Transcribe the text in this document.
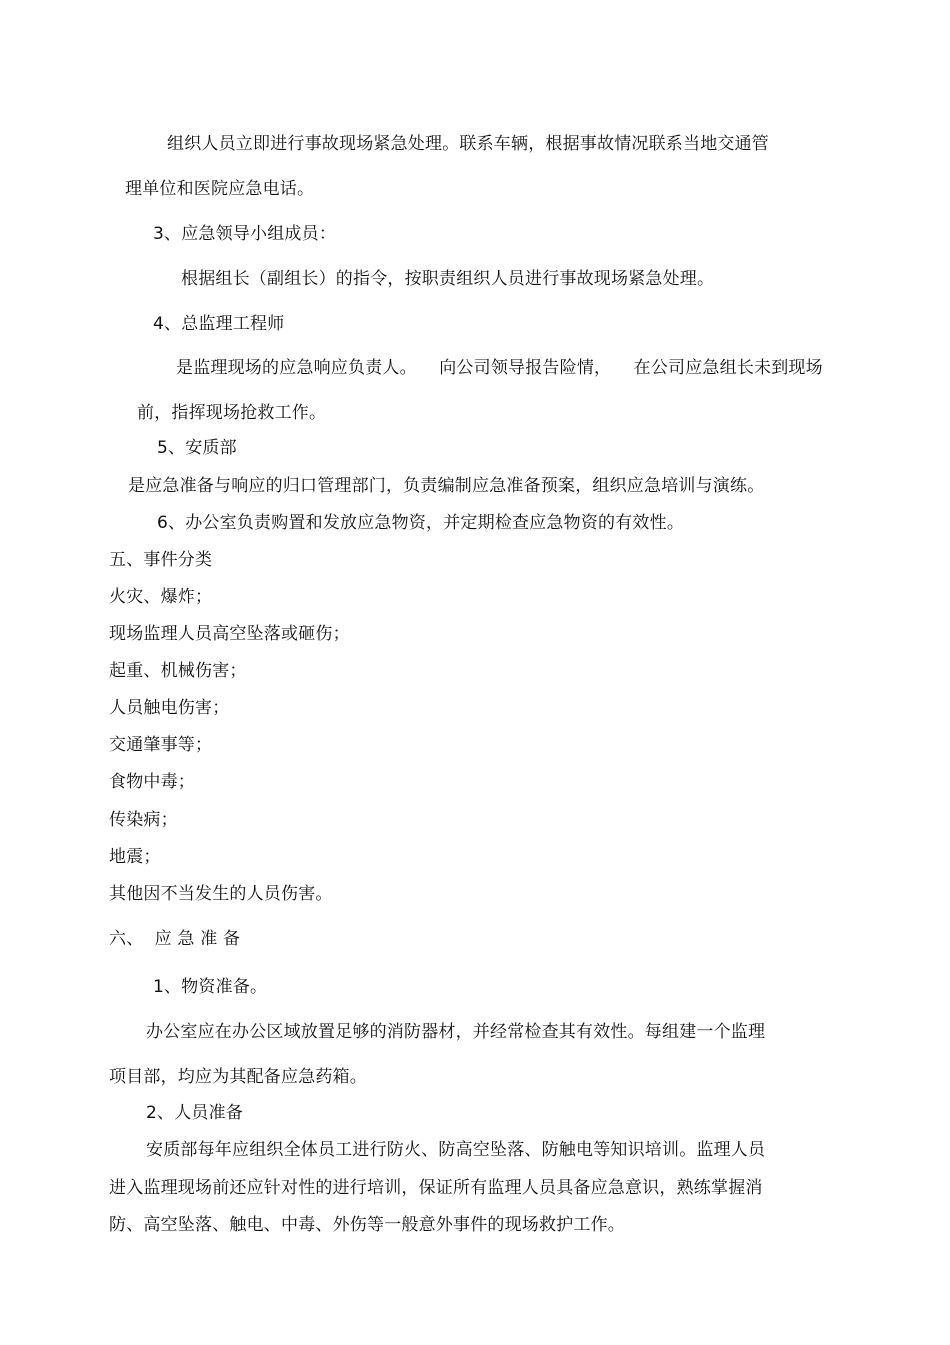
组织人员立即进行事故现场紧急处理。联系车辆，根据事故情况联系当地交通管
理单位和医院应急电话。
3、应急领导小组成员：
根据组长（副组长）的指令，按职责组织人员进行事故现场紧急处理。
4、总监理工程师
是监理现场的应急响应负责人。    向公司领导报告险情，    在公司应急组长未到现场
前，指挥现场抢救工作。
5、安质部
是应急准备与响应的归口管理部门，负责编制应急准备预案，组织应急培训与演练。
6、办公室负责购置和发放应急物资，并定期检查应急物资的有效性。
五、事件分类
火灾、爆炸；
现场监理人员高空坠落或砸伤；
起重、机械伤害；
人员触电伤害；
交通肇事等；
食物中毒；
传染病；
地震；
其他因不当发生的人员伤害。
六、  应 急 准 备
1、物资准备。
办公室应在办公区域放置足够的消防器材，并经常检查其有效性。每组建一个监理
项目部，均应为其配备应急药箱。
2、人员准备
安质部每年应组织全体员工进行防火、防高空坠落、防触电等知识培训。监理人员
进入监理现场前还应针对性的进行培训，保证所有监理人员具备应急意识，熟练掌握消
防、高空坠落、触电、中毒、外伤等一般意外事件的现场救护工作。
